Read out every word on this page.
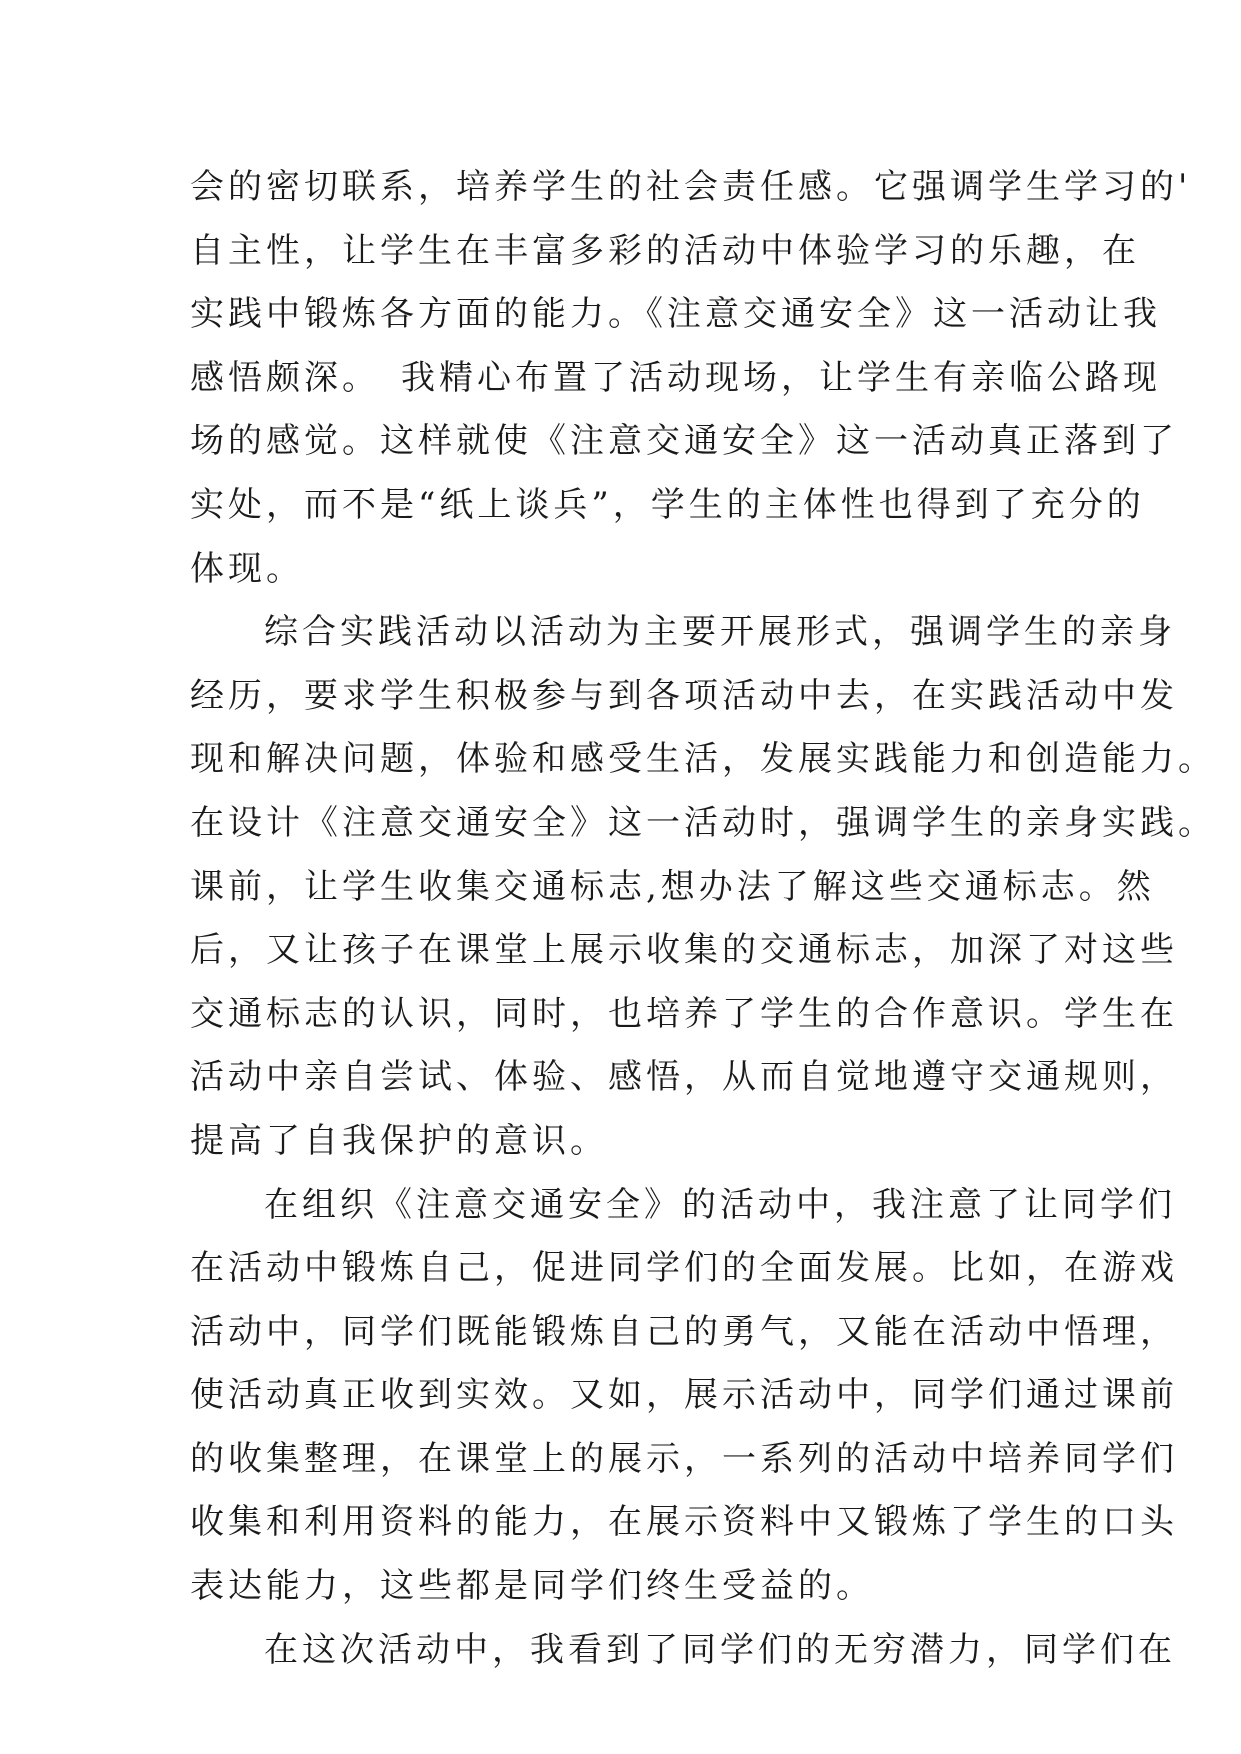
会的密切联系，培养学生的社会责任感。它强调学生学习的'
自主性，让学生在丰富多彩的活动中体验学习的乐趣，在
实践中锻炼各方面的能力。《注意交通安全》这一活动让我
感悟颇深。　我精心布置了活动现场，让学生有亲临公路现
场的感觉。这样就使《注意交通安全》这一活动真正落到了
实处，而不是“纸上谈兵”，学生的主体性也得到了充分的
体现。
综合实践活动以活动为主要开展形式，强调学生的亲身
经历，要求学生积极参与到各项活动中去，在实践活动中发
现和解决问题，体验和感受生活，发展实践能力和创造能力。
在设计《注意交通安全》这一活动时，强调学生的亲身实践。
课前，让学生收集交通标志,想办法了解这些交通标志。然
后，又让孩子在课堂上展示收集的交通标志，加深了对这些
交通标志的认识，同时，也培养了学生的合作意识。学生在
活动中亲自尝试、体验、感悟，从而自觉地遵守交通规则，
提高了自我保护的意识。
在组织《注意交通安全》的活动中，我注意了让同学们
在活动中锻炼自己，促进同学们的全面发展。比如，在游戏
活动中，同学们既能锻炼自己的勇气，又能在活动中悟理，
使活动真正收到实效。又如，展示活动中，同学们通过课前
的收集整理，在课堂上的展示，一系列的活动中培养同学们
收集和利用资料的能力，在展示资料中又锻炼了学生的口头
表达能力，这些都是同学们终生受益的。
在这次活动中，我看到了同学们的无穷潜力，同学们在
